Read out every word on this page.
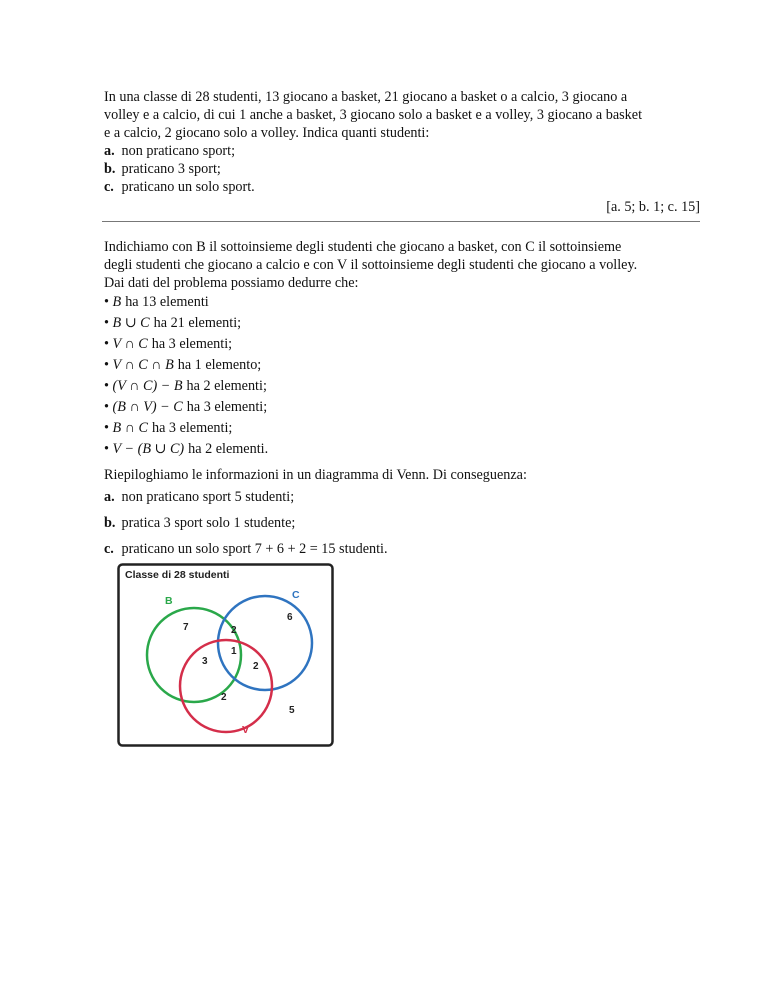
In una classe di 28 studenti, 13 giocano a basket, 21 giocano a basket o a calcio, 3 giocano a
volley e a calcio, di cui 1 anche a basket, 3 giocano solo a basket e a volley, 3 giocano a basket
e a calcio, 2 giocano solo a volley. Indica quanti studenti:
a. non praticano sport;
b. praticano 3 sport;
c. praticano un solo sport.
[a. 5; b. 1; c. 15]
Indichiamo con B il sottoinsieme degli studenti che giocano a basket, con C il sottoinsieme
degli studenti che giocano a calcio e con V il sottoinsieme degli studenti che giocano a volley.
Dai dati del problema possiamo dedurre che:
• B ha 13 elementi
• B ∪ C ha 21 elementi;
• V ∩ C ha 3 elementi;
• V ∩ C ∩ B ha 1 elemento;
• (V ∩ C) − B ha 2 elementi;
• (B ∩ V) − C ha 3 elementi;
• B ∩ C ha 3 elementi;
• V − (B ∪ C) ha 2 elementi.
Riepiloghiamo le informazioni in un diagramma di Venn. Di conseguenza:
a. non praticano sport 5 studenti;
b. pratica 3 sport solo 1 studente;
c. praticano un solo sport 7 + 6 + 2 = 15 studenti.
Classe di 28 studenti
B	C
V
7
6
2
1
3	2
2
5
